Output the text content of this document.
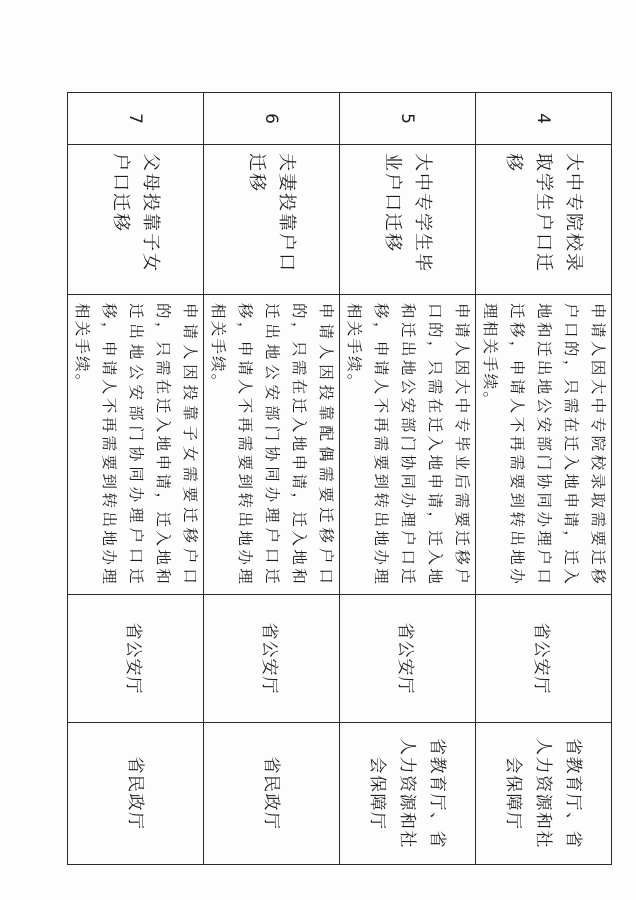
4	大中专院校录取学生户口迁移	申请人因大中专院校录取需要迁移户口的，只需在迁入地申请，迁入地和迁出地公安部门协同办理户口迁移，申请人不再需要到转出地办理相关手续。	省公安厅	省教育厅、省人力资源和社会保障厅
5	大中专学生毕业户口迁移	申请人因大中专毕业后需要迁移户口的，只需在迁入地申请，迁入地和迁出地公安部门协同办理户口迁移，申请人不再需要到转出地办理相关手续。	省公安厅	省教育厅、省人力资源和社会保障厅
6	夫妻投靠户口迁移	申请人因投靠配偶需要迁移户口的，只需在迁入地申请，迁入地和迁出地公安部门协同办理户口迁移，申请人不再需要到转出地办理相关手续。	省公安厅	省民政厅
7	父母投靠子女户口迁移	申请人因投靠子女需要迁移户口的，只需在迁入地申请，迁入地和迁出地公安部门协同办理户口迁移，申请人不再需要到转出地办理相关手续。	省公安厅	省民政厅
